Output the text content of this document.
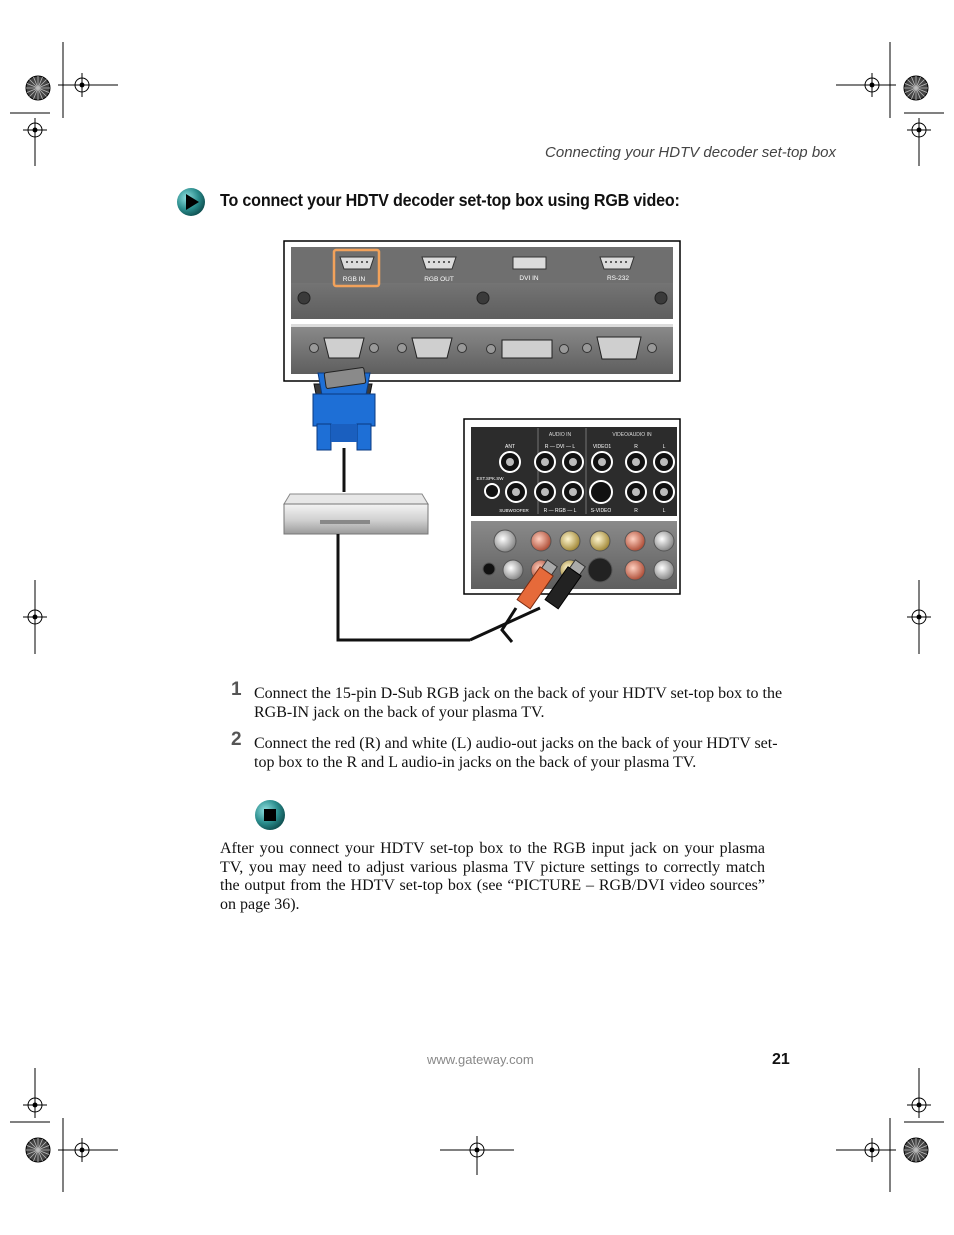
Connecting your HDTV decoder set-top box
To connect your HDTV decoder set-top box using RGB video:
RGB IN	RGB OUT	DVI IN	RS-232
AUDIO IN	VIDEO/AUDIO IN
ANT
EXT.SPK.SW
SUBWOOFER
R — DVI — L
R — RGB — L
VIDEO1
S-VIDEO
R	L
R	L
1 Connect the 15-pin D-Sub RGB jack on the back of your HDTV set-top box to the RGB-IN jack on the back of your plasma TV.
2 Connect the red (R) and white (L) audio-out jacks on the back of your HDTV set-top box to the R and L audio-in jacks on the back of your plasma TV.
After you connect your HDTV set-top box to the RGB input jack on your plasma TV, you may need to adjust various plasma TV picture settings to correctly match the output from the HDTV set-top box (see “PICTURE – RGB/DVI video sources” on page 36).
www.gateway.com	21
